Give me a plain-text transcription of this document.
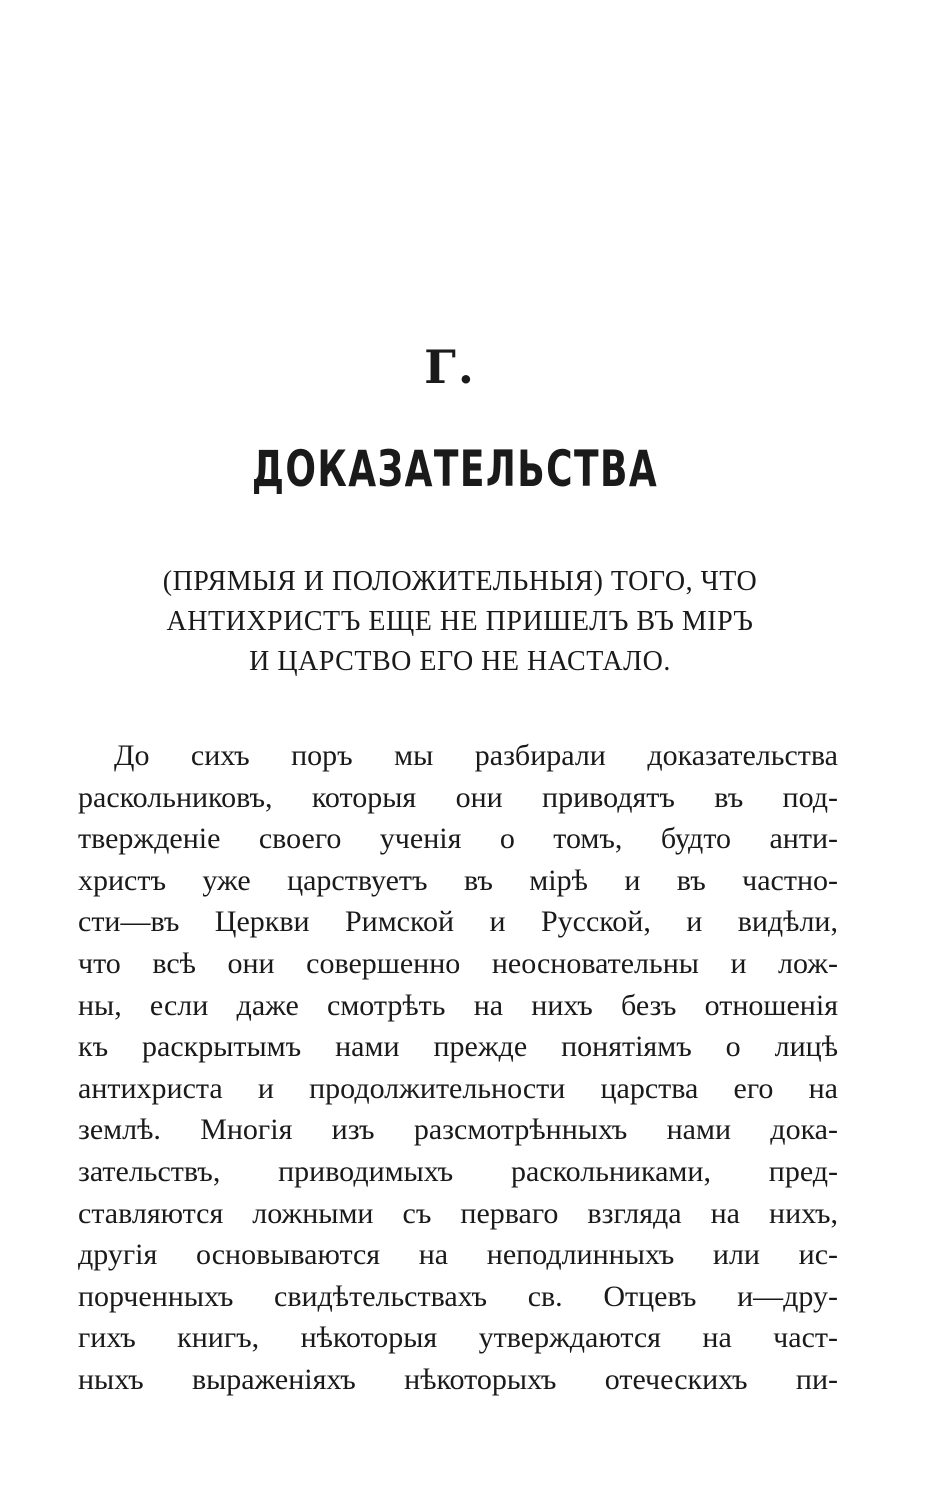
Г.
ДОКАЗАТЕЛЬСТВА
(ПРЯМЫЯ И ПОЛОЖИТЕЛЬНЫЯ) ТОГО, ЧТО
АНТИХРИСТЪ ЕЩЕ НЕ ПРИШЕЛЪ ВЪ МІРЪ
И ЦАРСТВО ЕГО НЕ НАСТАЛО.
До сихъ поръ мы разбирали доказательства
раскольниковъ, которыя они приводятъ въ под-
твержденіе своего ученія о томъ, будто анти-
христъ уже царствуетъ въ мірѣ и въ частно-
сти—въ Церкви Римской и Русской, и видѣли,
что всѣ они совершенно неосновательны и лож-
ны, если даже смотрѣть на нихъ безъ отношенія
къ раскрытымъ нами прежде понятіямъ о лицѣ
антихриста и продолжительности царства его на
землѣ. Многія изъ разсмотрѣнныхъ нами дока-
зательствъ, приводимыхъ раскольниками, пред-
ставляются ложными съ перваго взгляда на нихъ,
другія основываются на неподлинныхъ или ис-
порченныхъ свидѣтельствахъ св. Отцевъ и—дру-
гихъ книгъ, нѣкоторыя утверждаются на част-
ныхъ выраженіяхъ нѣкоторыхъ отеческихъ пи-
